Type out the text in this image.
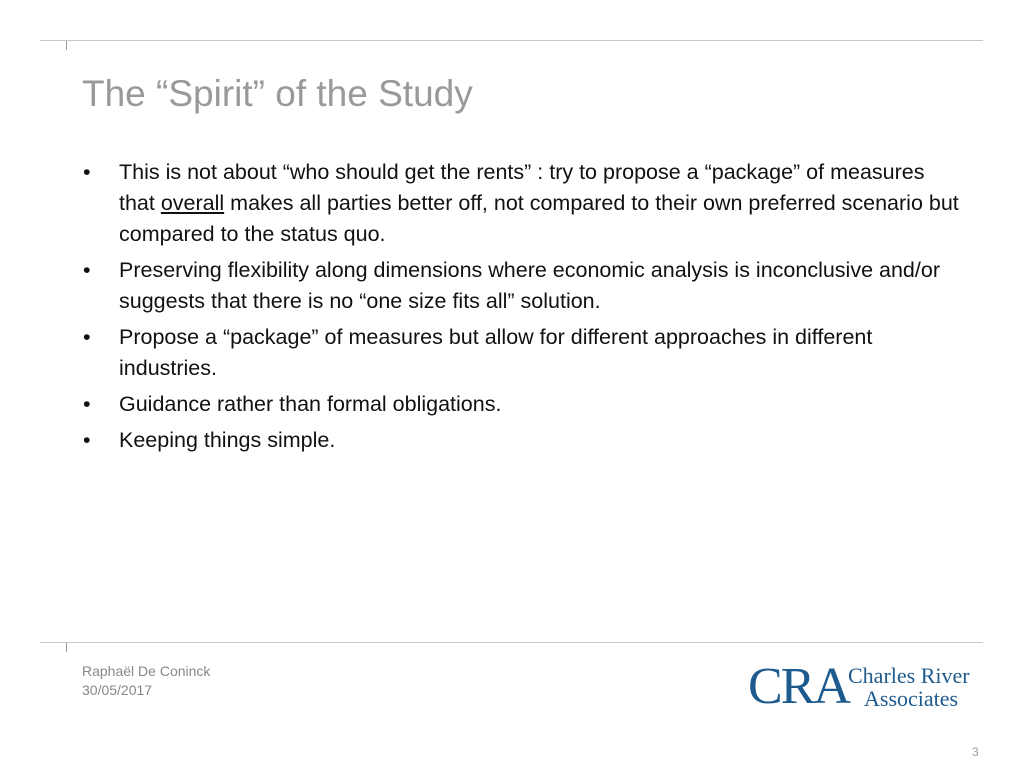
The “Spirit” of the Study
• This is not about “who should get the rents” : try to propose a “package” of measures that overall makes all parties better off, not compared to their own preferred scenario but compared to the status quo.
• Preserving flexibility along dimensions where economic analysis is inconclusive and/or suggests that there is no “one size fits all” solution.
• Propose a “package” of measures but allow for different approaches in different industries.
• Guidance rather than formal obligations.
• Keeping things simple.
Raphaël De Coninck
30/05/2017	CRA Charles River
Associates
3
